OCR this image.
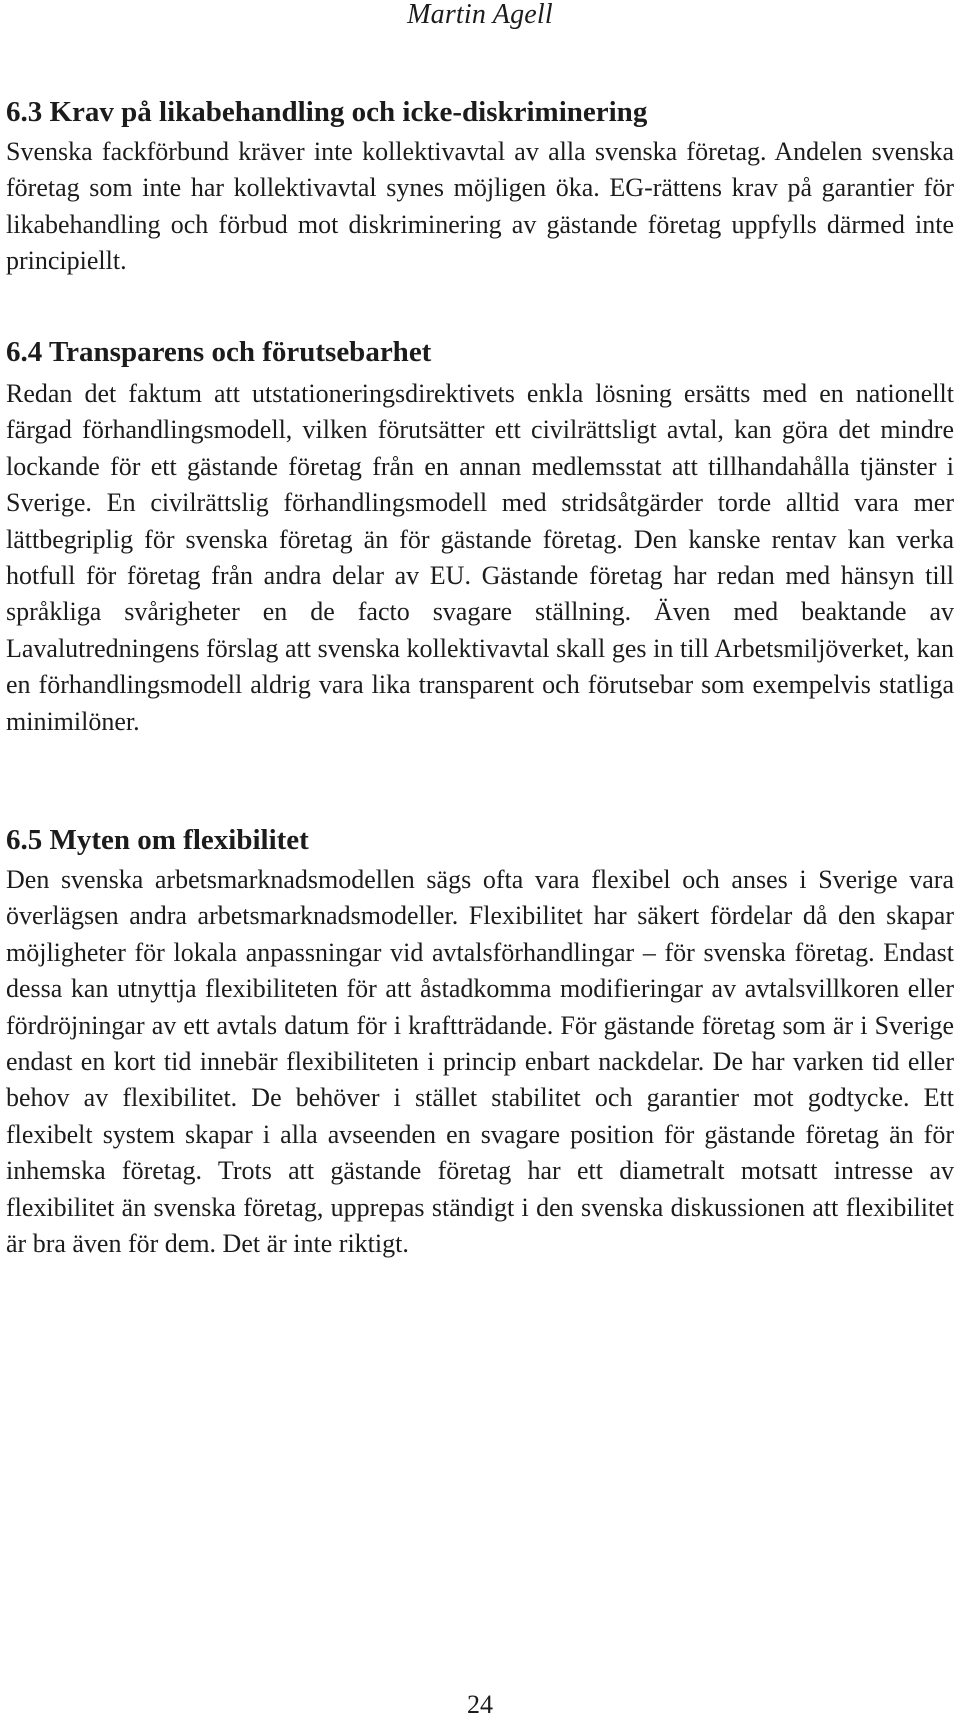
Martin Agell
6.3 Krav på likabehandling och icke-diskriminering

Svenska fackförbund kräver inte kollektivavtal av alla svenska företag. Andelen svenska företag som inte har kollektivavtal synes möjligen öka. EG-rättens krav på garantier för likabehandling och förbud mot diskriminering av gästande företag uppfylls därmed inte principiellt.

6.4 Transparens och förutsebarhet

Redan det faktum att utstationeringsdirektivets enkla lösning ersätts med en nationellt färgad förhandlingsmodell, vilken förutsätter ett civilrättsligt avtal, kan göra det mindre lockande för ett gästande företag från en annan medlemsstat att tillhandahålla tjänster i Sverige. En civilrättslig förhandlingsmodell med stridsåtgärder torde alltid vara mer lättbegriplig för svenska företag än för gästande företag. Den kanske rentav kan verka hotfull för företag från andra delar av EU. Gästande företag har redan med hänsyn till språkliga svårigheter en de facto svagare ställning. Även med beaktande av Lavalutredningens förslag att svenska kollektivavtal skall ges in till Arbetsmiljöverket, kan en förhandlingsmodell aldrig vara lika transparent och förutsebar som exempelvis statliga minimilöner.

6.5 Myten om flexibilitet

Den svenska arbetsmarknadsmodellen sägs ofta vara flexibel och anses i Sverige vara överlägsen andra arbetsmarknadsmodeller. Flexibilitet har säkert fördelar då den skapar möjligheter för lokala anpassningar vid avtalsförhandlingar – för svenska företag. Endast dessa kan utnyttja flexibiliteten för att åstadkomma modifieringar av avtalsvillkoren eller fördröjningar av ett avtals datum för i kraftträdande. För gästande företag som är i Sverige endast en kort tid innebär flexibiliteten i princip enbart nackdelar. De har varken tid eller behov av flexibilitet. De behöver i stället stabilitet och garantier mot godtycke. Ett flexibelt system skapar i alla avseenden en svagare position för gästande företag än för inhemska företag. Trots att gästande företag har ett diametralt motsatt intresse av flexibilitet än svenska företag, upprepas ständigt i den svenska diskussionen att flexibilitet är bra även för dem. Det är inte riktigt.

24
